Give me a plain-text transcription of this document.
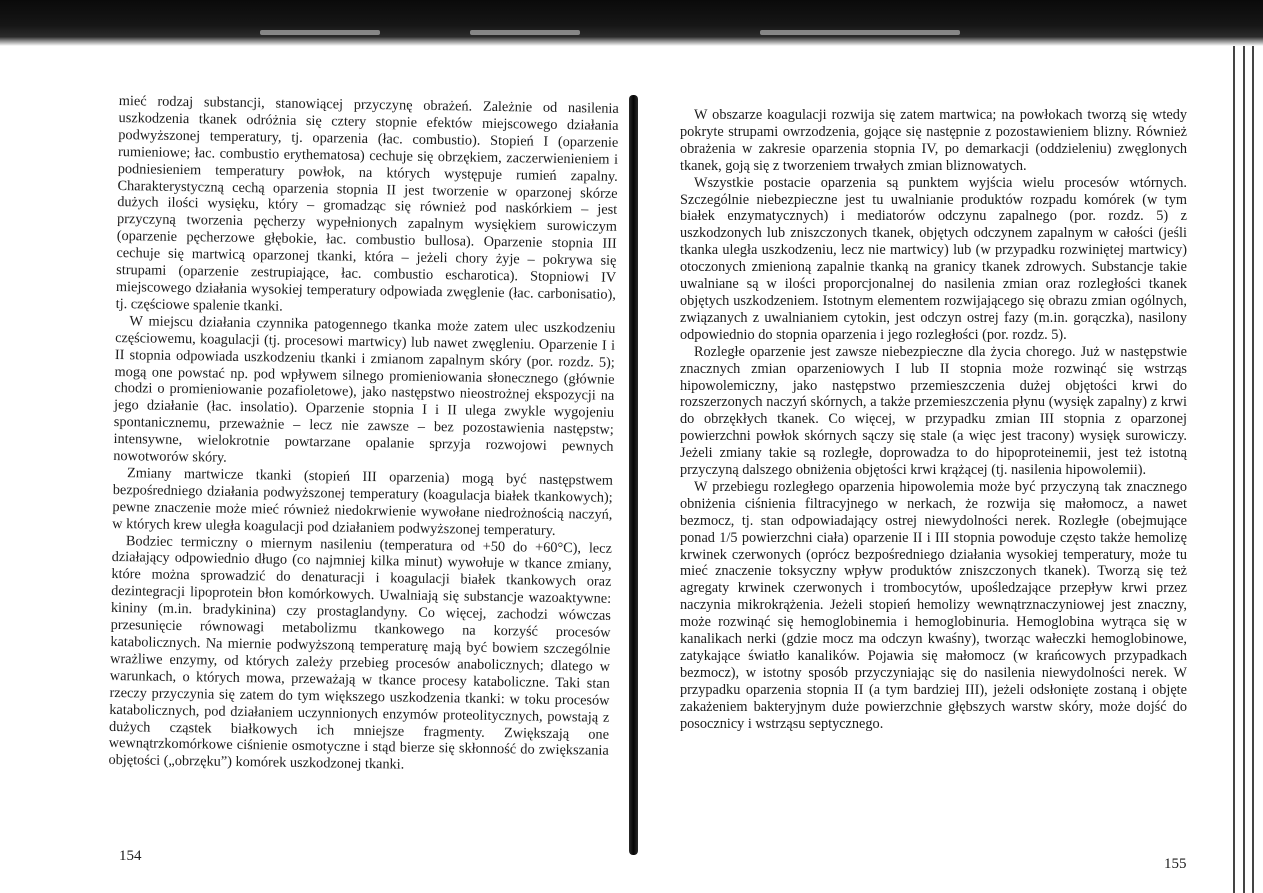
mieć rodzaj substancji, stanowiącej przyczynę obrażeń. Zależnie od nasilenia uszkodzenia tkanek odróżnia się cztery stopnie efektów miejscowego działania podwyższonej temperatury, tj. oparzenia (łac. combustio). Stopień I (oparzenie rumieniowe; łac. combustio erythematosa) cechuje się obrzękiem, zaczerwienieniem i podniesieniem temperatury powłok, na których występuje rumień zapalny. Charakterystyczną cechą oparzenia stopnia II jest tworzenie w oparzonej skórze dużych ilości wysięku, który – gromadząc się również pod naskórkiem – jest przyczyną tworzenia pęcherzy wypełnionych zapalnym wysiękiem surowiczym (oparzenie pęcherzowe głębokie, łac. combustio bullosa). Oparzenie stopnia III cechuje się martwicą oparzonej tkanki, która – jeżeli chory żyje – pokrywa się strupami (oparzenie zestrupiające, łac. combustio escharotica). Stopniowi IV miejscowego działania wysokiej temperatury odpowiada zwęglenie (łac. carbonisatio), tj. częściowe spalenie tkanki.

W miejscu działania czynnika patogennego tkanka może zatem ulec uszkodzeniu częściowemu, koagulacji (tj. procesowi martwicy) lub nawet zwęgleniu. Oparzenie I i II stopnia odpowiada uszkodzeniu tkanki i zmianom zapalnym skóry (por. rozdz. 5); mogą one powstać np. pod wpływem silnego promieniowania słonecznego (głównie chodzi o promieniowanie pozafioletowe), jako następstwo nieostrożnej ekspozycji na jego działanie (łac. insolatio). Oparzenie stopnia I i II ulega zwykle wygojeniu spontanicznemu, przeważnie – lecz nie zawsze – bez pozostawienia następstw; intensywne, wielokrotnie powtarzane opalanie sprzyja rozwojowi pewnych nowotworów skóry.

Zmiany martwicze tkanki (stopień III oparzenia) mogą być następstwem bezpośredniego działania podwyższonej temperatury (koagulacja białek tkankowych); pewne znaczenie może mieć również niedokrwienie wywołane niedrożnością naczyń, w których krew uległa koagulacji pod działaniem podwyższonej temperatury.

Bodziec termiczny o miernym nasileniu (temperatura od +50 do +60°C), lecz działający odpowiednio długo (co najmniej kilka minut) wywołuje w tkance zmiany, które można sprowadzić do denaturacji i koagulacji białek tkankowych oraz dezintegracji lipoprotein błon komórkowych. Uwalniają się substancje wazoaktywne: kininy (m.in. bradykinina) czy prostaglandyny. Co więcej, zachodzi wówczas przesunięcie równowagi metabolizmu tkankowego na korzyść procesów katabolicznych. Na miernie podwyższoną temperaturę mają być bowiem szczególnie wrażliwe enzymy, od których zależy przebieg procesów anabolicznych; dlatego w warunkach, o których mowa, przeważają w tkance procesy kataboliczne. Taki stan rzeczy przyczynia się zatem do tym większego uszkodzenia tkanki: w toku procesów katabolicznych, pod działaniem uczynnionych enzymów proteolitycznych, powstają z dużych cząstek białkowych ich mniejsze fragmenty. Zwiększają one wewnątrzkomórkowe ciśnienie osmotyczne i stąd bierze się skłonność do zwiększania objętości („obrzęku”) komórek uszkodzonej tkanki.

154

W obszarze koagulacji rozwija się zatem martwica; na powłokach tworzą się wtedy pokryte strupami owrzodzenia, gojące się następnie z pozostawieniem blizny. Również obrażenia w zakresie oparzenia stopnia IV, po demarkacji (oddzieleniu) zwęglonych tkanek, goją się z tworzeniem trwałych zmian bliznowatych.

Wszystkie postacie oparzenia są punktem wyjścia wielu procesów wtórnych. Szczególnie niebezpieczne jest tu uwalnianie produktów rozpadu komórek (w tym białek enzymatycznych) i mediatorów odczynu zapalnego (por. rozdz. 5) z uszkodzonych lub zniszczonych tkanek, objętych odczynem zapalnym w całości (jeśli tkanka uległa uszkodzeniu, lecz nie martwicy) lub (w przypadku rozwiniętej martwicy) otoczonych zmienioną zapalnie tkanką na granicy tkanek zdrowych. Substancje takie uwalniane są w ilości proporcjonalnej do nasilenia zmian oraz rozległości tkanek objętych uszkodzeniem. Istotnym elementem rozwijającego się obrazu zmian ogólnych, związanych z uwalnianiem cytokin, jest odczyn ostrej fazy (m.in. gorączka), nasilony odpowiednio do stopnia oparzenia i jego rozległości (por. rozdz. 5).

Rozległe oparzenie jest zawsze niebezpieczne dla życia chorego. Już w następstwie znacznych zmian oparzeniowych I lub II stopnia może rozwinąć się wstrząs hipowolemiczny, jako następstwo przemieszczenia dużej objętości krwi do rozszerzonych naczyń skórnych, a także przemieszczenia płynu (wysięk zapalny) z krwi do obrzękłych tkanek. Co więcej, w przypadku zmian III stopnia z oparzonej powierzchni powłok skórnych sączy się stale (a więc jest tracony) wysięk surowiczy. Jeżeli zmiany takie są rozległe, doprowadza to do hipoproteinemii, jest też istotną przyczyną dalszego obniżenia objętości krwi krążącej (tj. nasilenia hipowolemii).

W przebiegu rozległego oparzenia hipowolemia może być przyczyną tak znacznego obniżenia ciśnienia filtracyjnego w nerkach, że rozwija się małomocz, a nawet bezmocz, tj. stan odpowiadający ostrej niewydolności nerek. Rozległe (obejmujące ponad 1/5 powierzchni ciała) oparzenie II i III stopnia powoduje często także hemolizę krwinek czerwonych (oprócz bezpośredniego działania wysokiej temperatury, może tu mieć znaczenie toksyczny wpływ produktów zniszczonych tkanek). Tworzą się też agregaty krwinek czerwonych i trombocytów, upośledzające przepływ krwi przez naczynia mikrokrążenia. Jeżeli stopień hemolizy wewnątrznaczyniowej jest znaczny, może rozwinąć się hemoglobinemia i hemoglobinuria. Hemoglobina wytrąca się w kanalikach nerki (gdzie mocz ma odczyn kwaśny), tworząc wałeczki hemoglobinowe, zatykające światło kanalików. Pojawia się małomocz (w krańcowych przypadkach bezmocz), w istotny sposób przyczyniając się do nasilenia niewydolności nerek. W przypadku oparzenia stopnia II (a tym bardziej III), jeżeli odsłonięte zostaną i objęte zakażeniem bakteryjnym duże powierzchnie głębszych warstw skóry, może dojść do posocznicy i wstrząsu septycznego.

155
